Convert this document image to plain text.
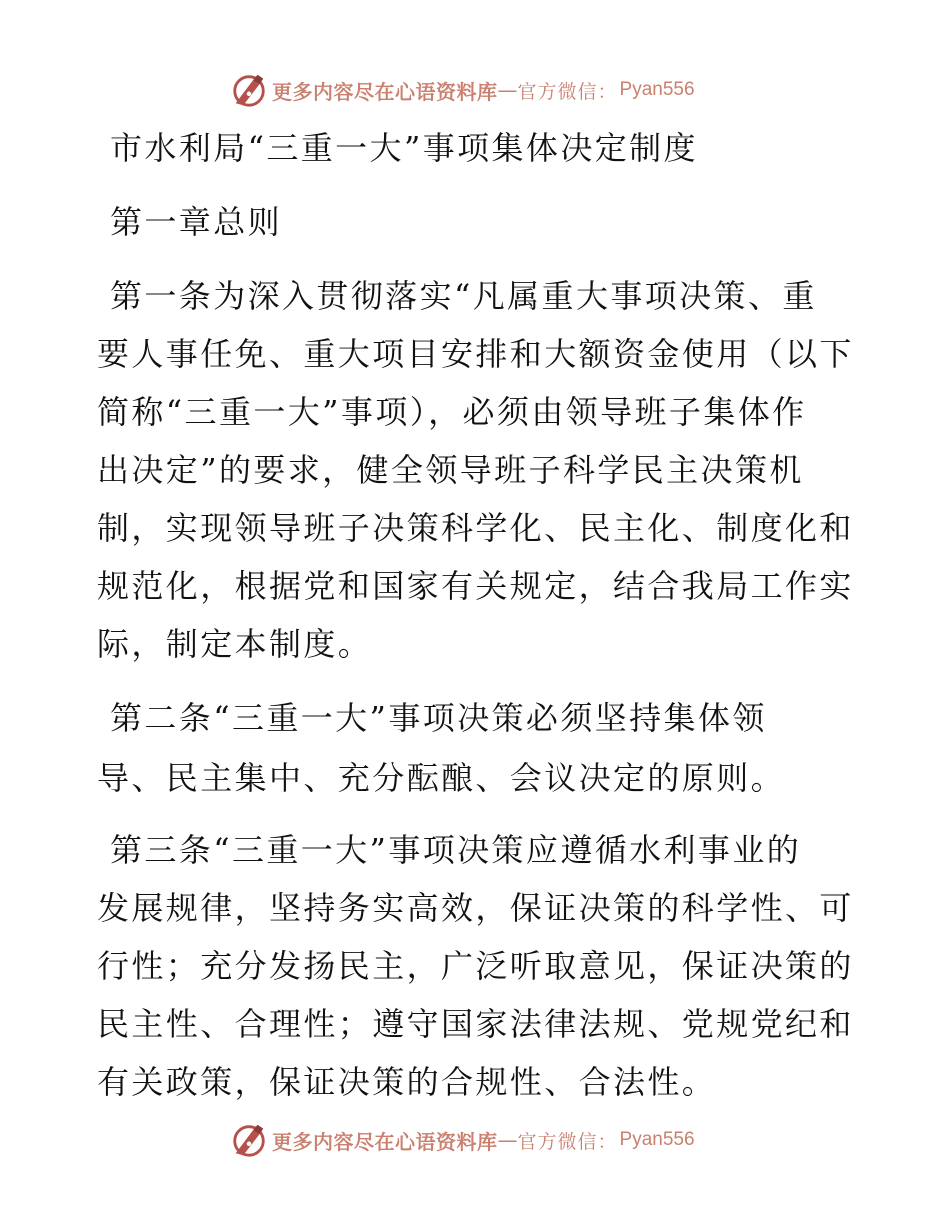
更多内容尽在心语资料库 — 官方微信： Pyan556
市水利局“三重一大”事项集体决定制度
第一章总则
第一条为深入贯彻落实“凡属重大事项决策、重
要人事任免、重大项目安排和大额资金使用（以下
简称“三重一大”事项），必须由领导班子集体作
出决定”的要求，健全领导班子科学民主决策机
制，实现领导班子决策科学化、民主化、制度化和
规范化，根据党和国家有关规定，结合我局工作实
际，制定本制度。
第二条“三重一大”事项决策必须坚持集体领
导、民主集中、充分酝酿、会议决定的原则。
第三条“三重一大”事项决策应遵循水利事业的
发展规律，坚持务实高效，保证决策的科学性、可
行性；充分发扬民主，广泛听取意见，保证决策的
民主性、合理性；遵守国家法律法规、党规党纪和
有关政策，保证决策的合规性、合法性。
更多内容尽在心语资料库 — 官方微信： Pyan556
